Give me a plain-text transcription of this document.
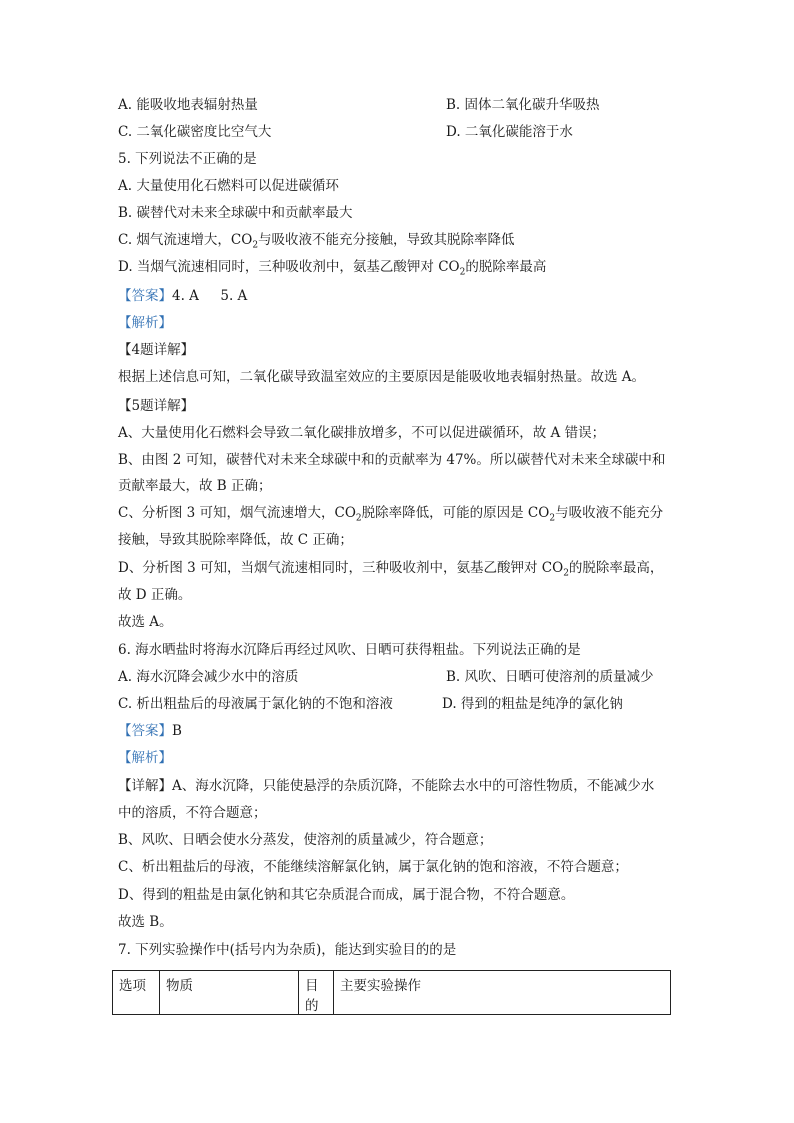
A. 能吸收地表辐射热量	B. 固体二氧化碳升华吸热
C. 二氧化碳密度比空气大	D. 二氧化碳能溶于水
5. 下列说法不正确的是
A. 大量使用化石燃料可以促进碳循环
B. 碳替代对未来全球碳中和贡献率最大
C. 烟气流速增大，$CO_2$与吸收液不能充分接触，导致其脱除率降低
D. 当烟气流速相同时，三种吸收剂中，氨基乙酸钾对 $CO_2$的脱除率最高
【答案】4. A     5. A
【解析】
【4题详解】
根据上述信息可知，二氧化碳导致温室效应的主要原因是能吸收地表辐射热量。故选 A。
【5题详解】
A、大量使用化石燃料会导致二氧化碳排放增多，不可以促进碳循环，故 A 错误；
B、由图 2 可知，碳替代对未来全球碳中和的贡献率为 47%。所以碳替代对未来全球碳中和
贡献率最大，故 B 正确；
C、分析图 3 可知，烟气流速增大，$CO_2$脱除率降低，可能的原因是 $CO_2$与吸收液不能充分
接触，导致其脱除率降低，故 C 正确；
D、分析图 3 可知，当烟气流速相同时，三种吸收剂中，氨基乙酸钾对 $CO_2$的脱除率最高，
故 D 正确。
故选 A。
6. 海水晒盐时将海水沉降后再经过风吹、日晒可获得粗盐。下列说法正确的是
A. 海水沉降会减少水中的溶质	B. 风吹、日晒可使溶剂的质量减少
C. 析出粗盐后的母液属于氯化钠的不饱和溶液	D. 得到的粗盐是纯净的氯化钠
【答案】B
【解析】
【详解】A、海水沉降，只能使悬浮的杂质沉降，不能除去水中的可溶性物质，不能减少水
中的溶质，不符合题意；
B、风吹、日晒会使水分蒸发，使溶剂的质量减少，符合题意；
C、析出粗盐后的母液，不能继续溶解氯化钠，属于氯化钠的饱和溶液，不符合题意；
D、得到的粗盐是由氯化钠和其它杂质混合而成，属于混合物，不符合题意。
故选 B。
7. 下列实验操作中(括号内为杂质)，能达到实验目的的是
选项	物质	目的	主要实验操作
